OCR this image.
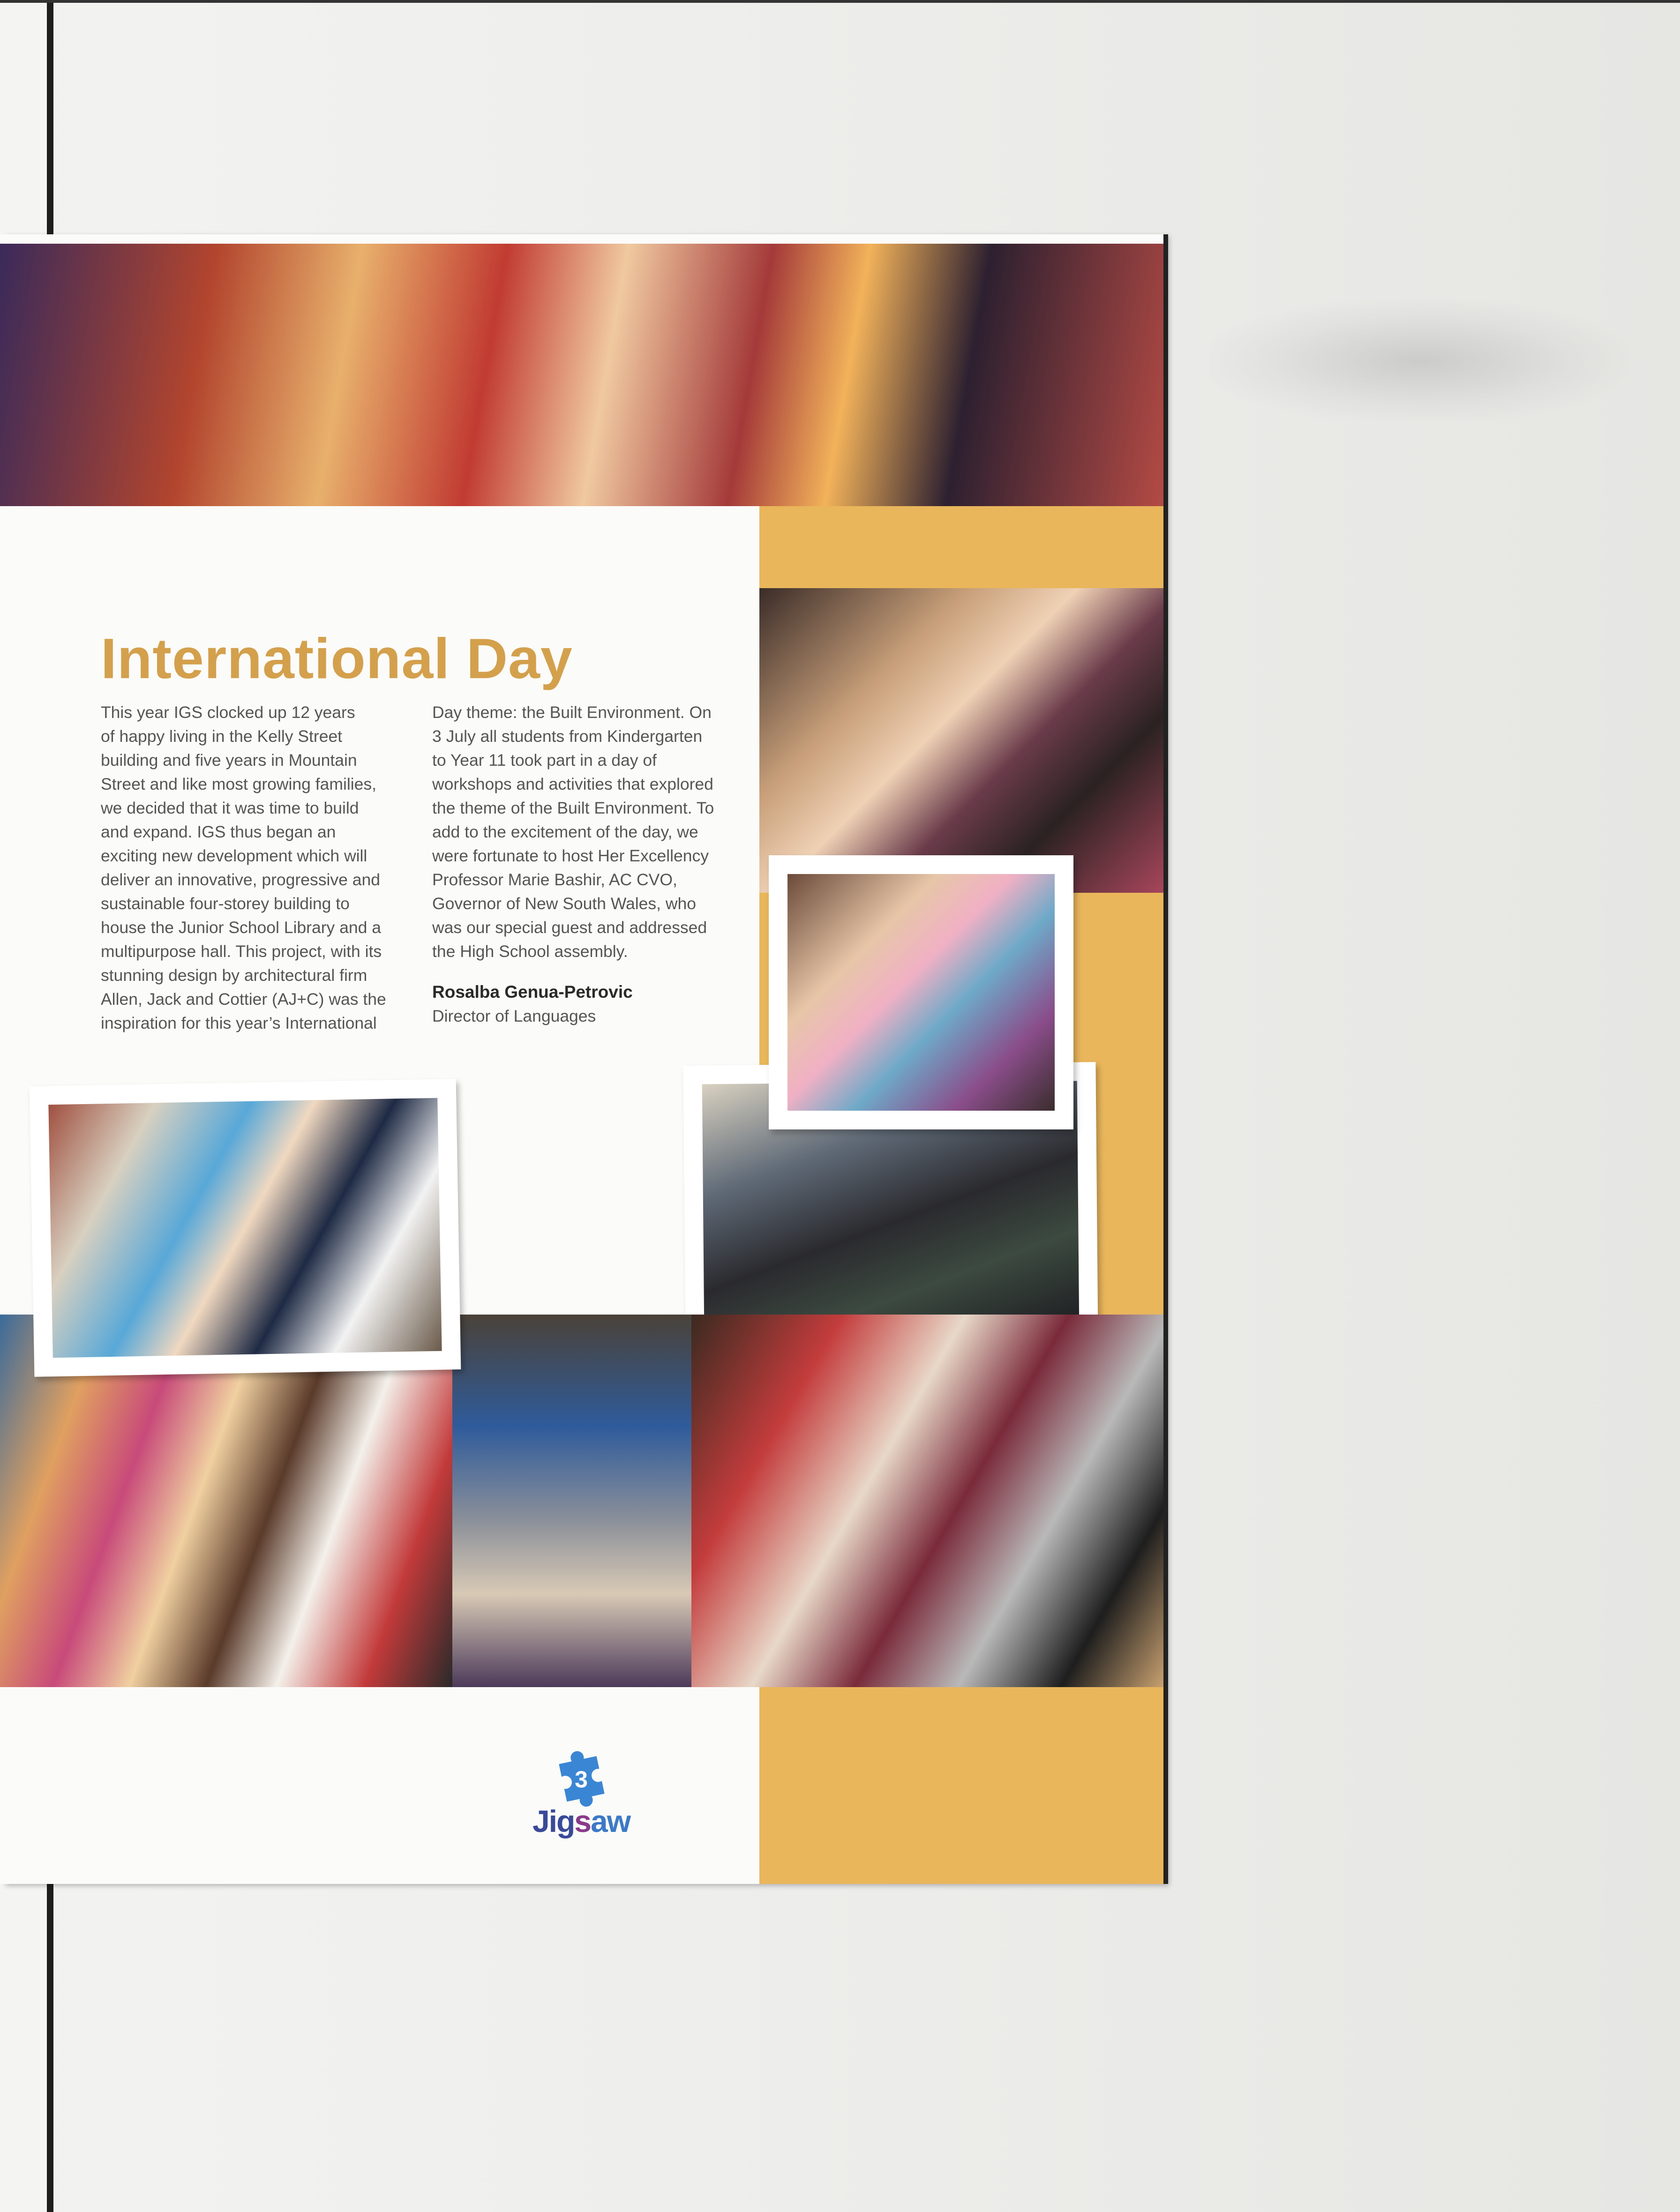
International Day
This year IGS clocked up 12 years
of happy living in the Kelly Street
building and five years in Mountain
Street and like most growing families,
we decided that it was time to build
and expand. IGS thus began an
exciting new development which will
deliver an innovative, progressive and
sustainable four-storey building to
house the Junior School Library and a
multipurpose hall. This project, with its
stunning design by architectural firm
Allen, Jack and Cottier (AJ+C) was the
inspiration for this year’s International
Day theme: the Built Environment. On
3 July all students from Kindergarten
to Year 11 took part in a day of
workshops and activities that explored
the theme of the Built Environment. To
add to the excitement of the day, we
were fortunate to host Her Excellency
Professor Marie Bashir, AC CVO,
Governor of New South Wales, who
was our special guest and addressed
the High School assembly.
Rosalba Genua-Petrovic
Director of Languages
3
Jigsaw
